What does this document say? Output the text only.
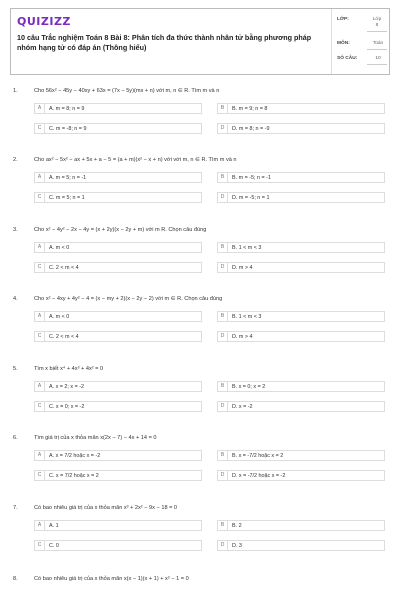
QUIZIZZ
10 câu Trắc nghiệm Toán 8 Bài 8: Phân tích đa thức thành nhân tử bằng phương pháp nhóm hạng tử có đáp án (Thông hiểu)
LỚP:	Lớp 8
MÔN:	Toán
SỐ CÂU:	10
1.	Cho 56x² − 45y − 40xy + 63x = (7x − 5y)(mx + n) với m, n ∈ R. Tìm m và n
A	A. m = 8; n = 9	B	B. m = 9; n = 8
C	C. m = -8; n = 9	D	D. m = 8; n = -9
2.	Cho ax² − 5x² − ax + 5x + a − 5 = (a + m)(x² − x + n) với với m, n ∈ R. Tìm m và n
A	A. m = 5; n = -1	B	B. m = -5; n = -1
C	C. m = 5; n = 1	D	D. m = -5; n = 1
3.	Cho x² − 4y² − 2x − 4y = (x + 2y)(x − 2y + m) với m R. Chọn câu đúng
A	A. m < 0	B	B. 1 < m < 3
C	C. 2 < m < 4	D	D. m > 4
4.	Cho x² − 4xy + 4y² − 4 = (x − my + 2)(x − 2y − 2) với m ∈ R. Chọn câu đúng
A	A. m < 0	B	B. 1 < m < 3
C	C. 2 < m < 4	D	D. m > 4
5.	Tìm x biết x⁴ + 4x³ + 4x² = 0
A	A. x = 2; x = -2	B	B. x = 0; x = 2
C	C. x = 0; x = -2	D	D. x = -2
6.	Tìm giá trị của x thỏa mãn x(2x − 7) − 4x + 14 = 0
A	A. x = 7/2 hoặc x = -2	B	B. x = -7/2 hoặc x = 2
C	C. x = 7/2 hoặc x = 2	D	D. x = -7/2 hoặc x = -2
7.	Có bao nhiêu giá trị của x thỏa mãn x³ + 2x² − 9x − 18 = 0
A	A. 1	B	B. 2
C	C. 0	D	D. 3
8.	Có bao nhiêu giá trị của x thỏa mãn x(x − 1)(x + 1) + x² − 1 = 0
